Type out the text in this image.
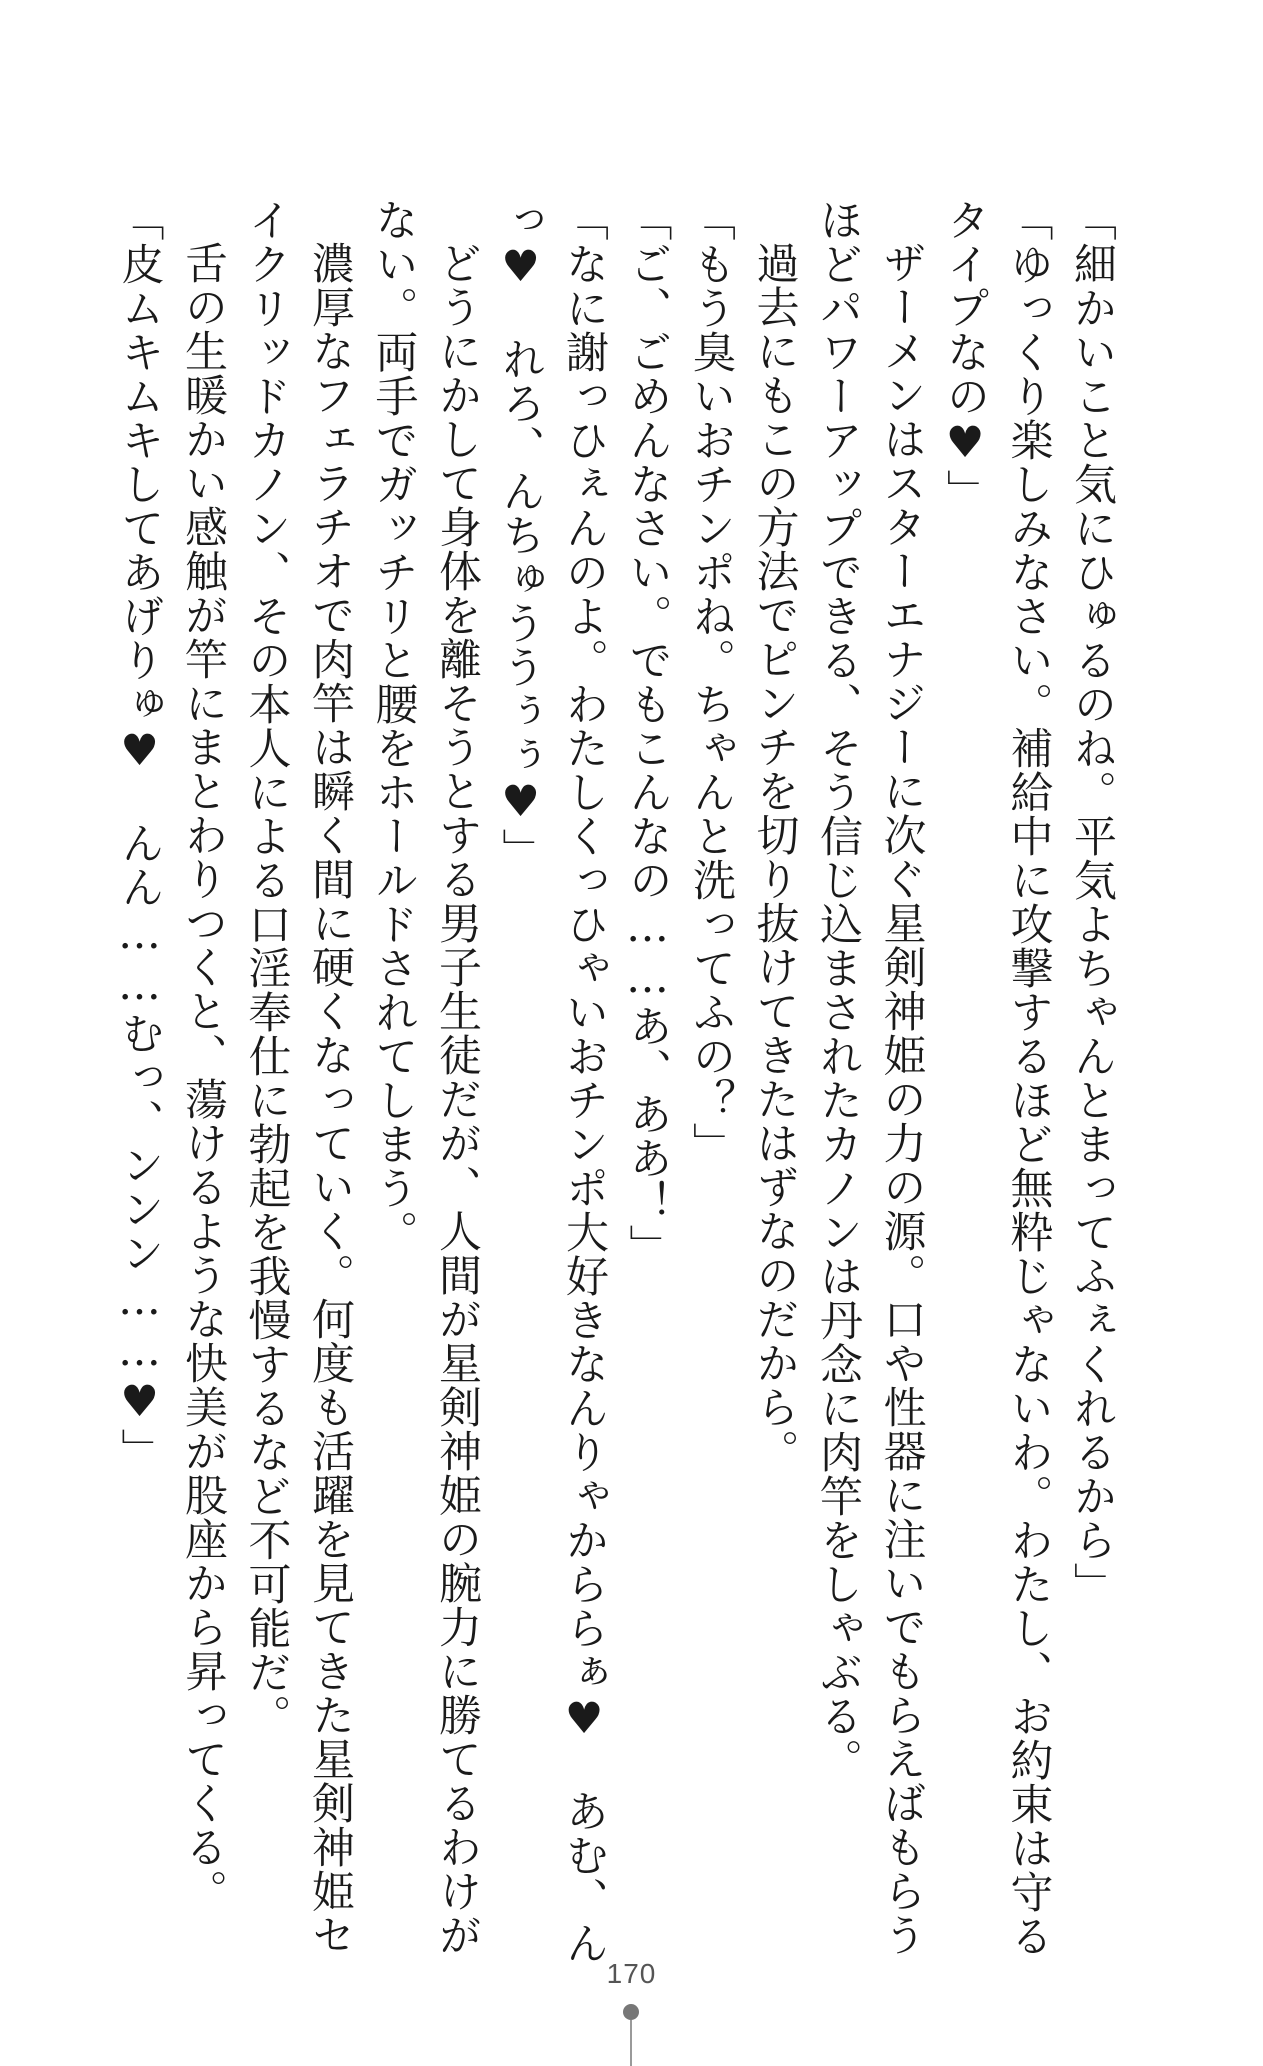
「細かいこと気にひゅるのね。平気よちゃんとまってふぇくれるから」

「ゆっくり楽しみなさい。補給中に攻撃するほど無粋じゃないわ。わたし、お約束は守る

タイプなの♥」

ザーメンはスターエナジーに次ぐ星剣神姫の力の源。口や性器に注いでもらえばもらう

ほどパワーアップできる、そう信じ込まされたカノンは丹念に肉竿をしゃぶる。

過去にもこの方法でピンチを切り抜けてきたはずなのだから。

「もう臭いおチンポね。ちゃんと洗ってふの？」

「ご、ごめんなさい。でもこんなの……あ、ああ！」

「なに謝っひぇんのよ。わたしくっひゃいおチンポ大好きなんりゃかららぁ♥　あむ、ん

っ♥　れろ、んちゅううぅぅ♥」

どうにかして身体を離そうとする男子生徒だが、人間が星剣神姫の腕力に勝てるわけが

ない。両手でガッチリと腰をホールドされてしまう。

濃厚なフェラチオで肉竿は瞬く間に硬くなっていく。何度も活躍を見てきた星剣神姫セ

イクリッドカノン、その本人による口淫奉仕に勃起を我慢するなど不可能だ。

舌の生暖かい感触が竿にまとわりつくと、蕩けるような快美が股座から昇ってくる。

「皮ムキムキしてあげりゅ♥　んん……むっ、ンンン……♥」

170
